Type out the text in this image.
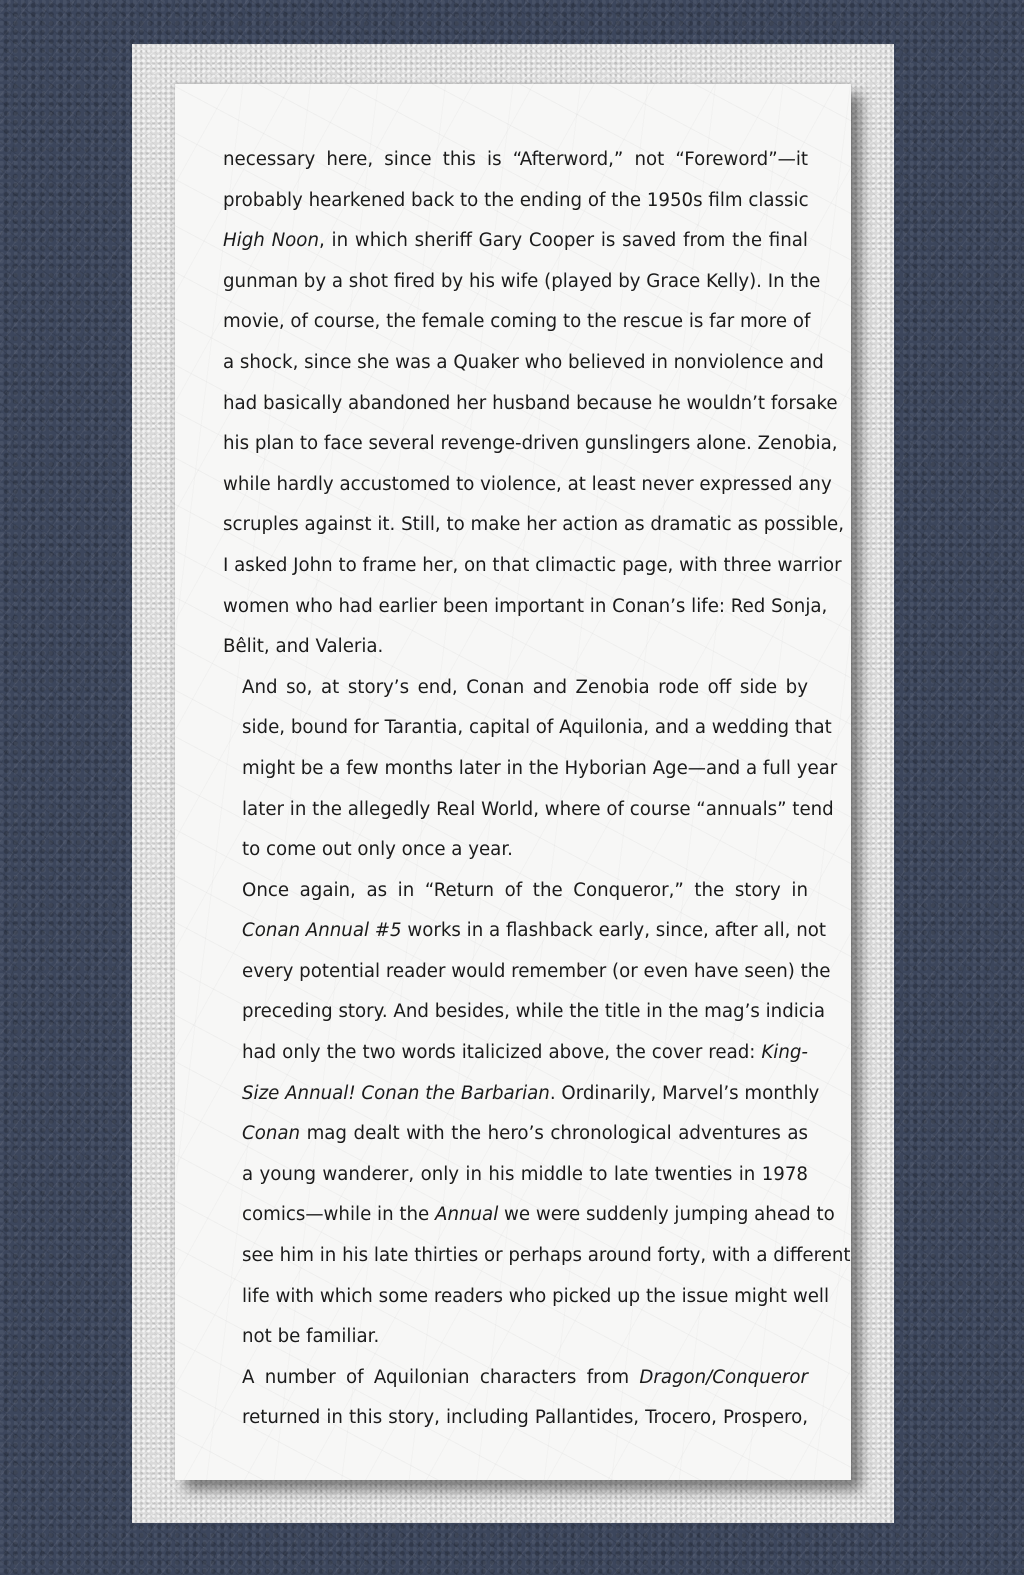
necessary here, since this is “Afterword,” not “Foreword”—it
probably hearkened back to the ending of the 1950s film classic
High Noon, in which sheriff Gary Cooper is saved from the final
gunman by a shot fired by his wife (played by Grace Kelly). In the
movie, of course, the female coming to the rescue is far more of
a shock, since she was a Quaker who believed in nonviolence and
had basically abandoned her husband because he wouldn’t forsake
his plan to face several revenge-driven gunslingers alone. Zenobia,
while hardly accustomed to violence, at least never expressed any
scruples against it. Still, to make her action as dramatic as possible,
I asked John to frame her, on that climactic page, with three warrior
women who had earlier been important in Conan’s life: Red Sonja,
Bêlit, and Valeria.
And so, at story’s end, Conan and Zenobia rode off side by
side, bound for Tarantia, capital of Aquilonia, and a wedding that
might be a few months later in the Hyborian Age—and a full year
later in the allegedly Real World, where of course “annuals” tend
to come out only once a year.
Once again, as in “Return of the Conqueror,” the story in
Conan Annual #5 works in a flashback early, since, after all, not
every potential reader would remember (or even have seen) the
preceding story. And besides, while the title in the mag’s indicia
had only the two words italicized above, the cover read: King-
Size Annual! Conan the Barbarian. Ordinarily, Marvel’s monthly
Conan mag dealt with the hero’s chronological adventures as
a young wanderer, only in his middle to late twenties in 1978
comics—while in the Annual we were suddenly jumping ahead to
see him in his late thirties or perhaps around forty, with a different
life with which some readers who picked up the issue might well
not be familiar.
A number of Aquilonian characters from Dragon/Conqueror
returned in this story, including Pallantides, Trocero, Prospero,
